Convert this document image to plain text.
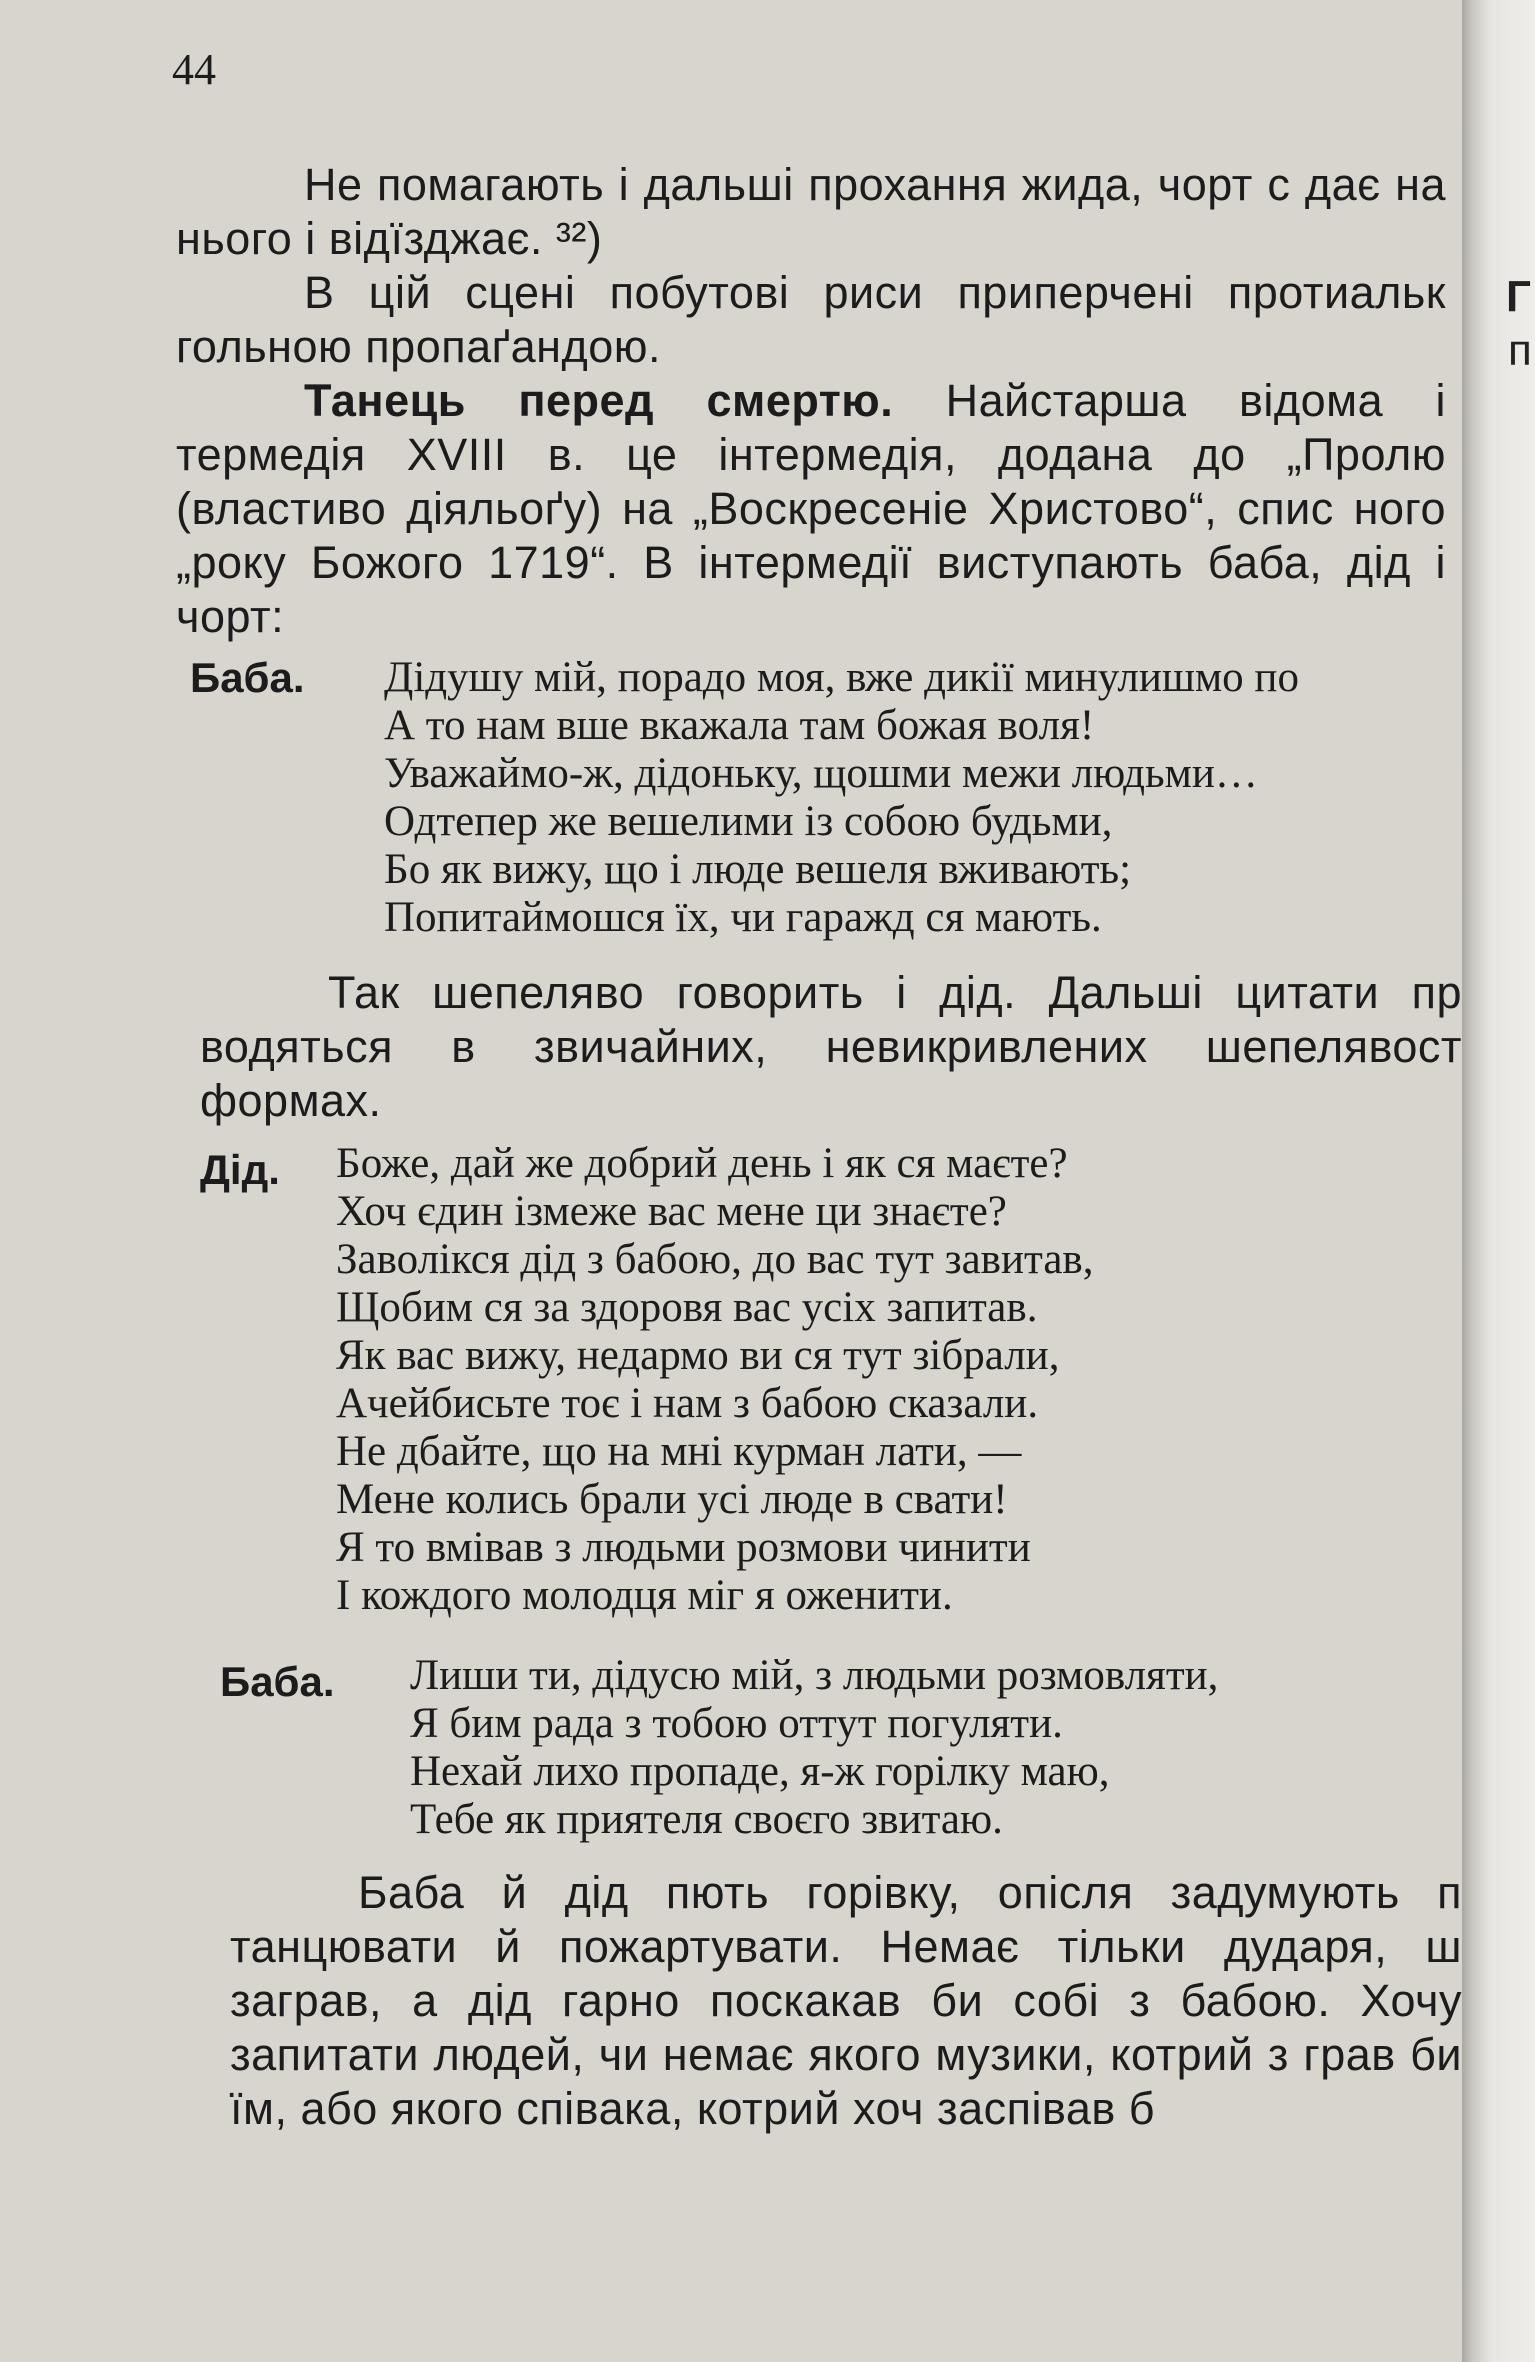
44
Не помагають і дальші прохання жида, чорт с дає на нього і відїзджає. ³²)
В цій сцені побутові риси приперчені протиальк гольною пропаґандою.
Танець перед смертю. Найстарша відома і термедія XVIII в. це інтермедія, додана до „Пролю (властиво діяльоґу) на „Воскресеніе Христово“, спис ного „року Божого 1719“. В інтермедії виступають баба, дід і чорт:
Баба. Дідушу мій, порадо моя, вже дикії минулишмо по
А то нам вше вкажала там божая воля!
Уважаймо-ж, дідоньку, щошми межи людьми…
Одтепер же вешелими із собою будьми,
Бо як вижу, що і люде вешеля вживають;
Попитаймошся їх, чи гаражд ся мають.
Так шепеляво говорить і дід. Дальші цитати пр водяться в звичайних, невикривлених шепелявост формах.
Дід. Боже, дай же добрий день і як ся маєте?
Хоч єдин ізмеже вас мене ци знаєте?
Заволікся дід з бабою, до вас тут завитав,
Щобим ся за здоровя вас усіх запитав.
Як вас вижу, недармо ви ся тут зібрали,
Ачейбисьте тоє і нам з бабою сказали.
Не дбайте, що на мні курман лати, —
Мене колись брали усі люде в свати!
Я то вмівав з людьми розмови чинити
І кождого молодця міг я оженити.
Баба. Лиши ти, дідусю мій, з людьми розмовляти,
Я бим рада з тобою оттут погуляти.
Нехай лихо пропаде, я-ж горілку маю,
Тебе як приятеля своєго звитаю.
Баба й дід пють горівку, опісля задумують п танцювати й пожартувати. Немає тільки дударя, ш заграв, а дід гарно поскакав би собі з бабою. Хочу запитати людей, чи немає якого музики, котрий з грав би їм, або якого співака, котрий хоч заспівав б
Г
п
